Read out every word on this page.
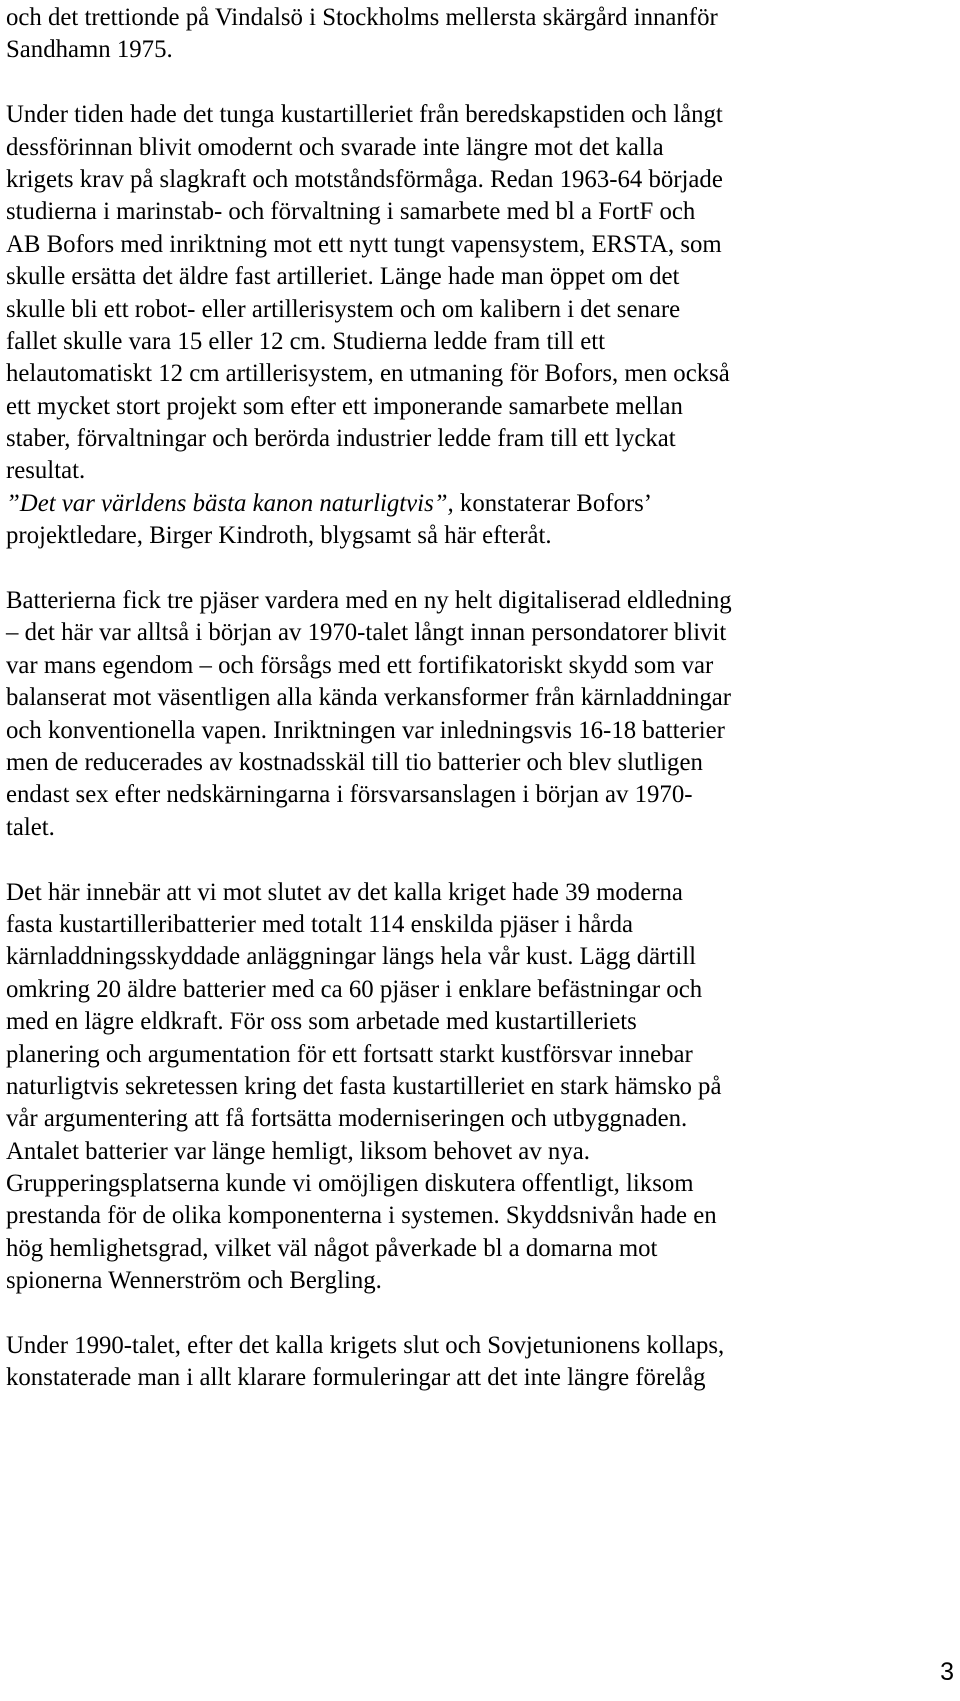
och det trettionde på Vindalsö i Stockholms mellersta skärgård innanför
Sandhamn 1975.

Under tiden hade det tunga kustartilleriet från beredskapstiden och långt
dessförinnan blivit omodernt och svarade inte längre mot det kalla
krigets krav på slagkraft och motståndsförmåga. Redan 1963-64 började
studierna i marinstab- och förvaltning i samarbete med bl a FortF och
AB Bofors med inriktning mot ett nytt tungt vapensystem, ERSTA, som
skulle ersätta det äldre fast artilleriet. Länge hade man öppet om det
skulle bli ett robot- eller artillerisystem och om kalibern i det senare
fallet skulle vara 15 eller 12 cm. Studierna ledde fram till ett
helautomatiskt 12 cm artillerisystem, en utmaning för Bofors, men också
ett mycket stort projekt som efter ett imponerande samarbete mellan
staber, förvaltningar och berörda industrier ledde fram till ett lyckat
resultat.
”Det var världens bästa kanon naturligtvis”, konstaterar Bofors’
projektledare, Birger Kindroth, blygsamt så här efteråt.

Batterierna fick tre pjäser vardera med en ny helt digitaliserad eldledning
– det här var alltså i början av 1970-talet långt innan persondatorer blivit
var mans egendom – och försågs med ett fortifikatoriskt skydd som var
balanserat mot väsentligen alla kända verkansformer från kärnladdningar
och konventionella vapen. Inriktningen var inledningsvis 16-18 batterier
men de reducerades av kostnadsskäl till tio batterier och blev slutligen
endast sex efter nedskärningarna i försvarsanslagen i början av 1970-
talet.

Det här innebär att vi mot slutet av det kalla kriget hade 39 moderna
fasta kustartilleribatterier med totalt 114 enskilda pjäser i hårda
kärnladdningsskyddade anläggningar längs hela vår kust. Lägg därtill
omkring 20 äldre batterier med ca 60 pjäser i enklare befästningar och
med en lägre eldkraft. För oss som arbetade med kustartilleriets
planering och argumentation för ett fortsatt starkt kustförsvar innebar
naturligtvis sekretessen kring det fasta kustartilleriet en stark hämsko på
vår argumentering att få fortsätta moderniseringen och utbyggnaden.
Antalet batterier var länge hemligt, liksom behovet av nya.
Grupperingsplatserna kunde vi omöjligen diskutera offentligt, liksom
prestanda för de olika komponenterna i systemen. Skyddsnivån hade en
hög hemlighetsgrad, vilket väl något påverkade bl a domarna mot
spionerna Wennerström och Bergling.

Under 1990-talet, efter det kalla krigets slut och Sovjetunionens kollaps,
konstaterade man i allt klarare formuleringar att det inte längre förelåg

3
